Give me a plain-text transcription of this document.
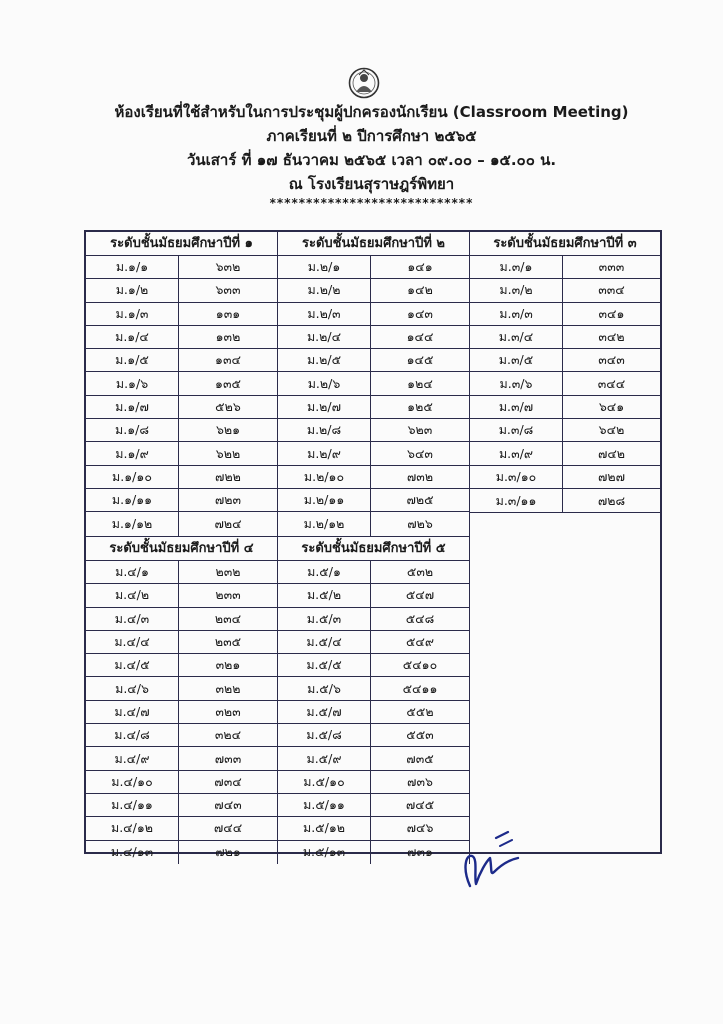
ห้องเรียนที่ใช้สำหรับในการประชุมผู้ปกครองนักเรียน (Classroom Meeting)
ภาคเรียนที่ ๒ ปีการศึกษา ๒๕๖๕
วันเสาร์ ที่ ๑๗ ธันวาคม ๒๕๖๕ เวลา ๐๙.๐๐ – ๑๕.๐๐ น.
ณ โรงเรียนสุราษฎร์พิทยา
****************************
ระดับชั้นมัธยมศึกษาปีที่ ๑
ม.๑/๑	๖๓๒
ม.๑/๒	๖๓๓
ม.๑/๓	๑๓๑
ม.๑/๔	๑๓๒
ม.๑/๕	๑๓๔
ม.๑/๖	๑๓๕
ม.๑/๗	๕๒๖
ม.๑/๘	๖๒๑
ม.๑/๙	๖๒๒
ม.๑/๑๐	๗๒๒
ม.๑/๑๑	๗๒๓
ม.๑/๑๒	๗๒๔
ระดับชั้นมัธยมศึกษาปีที่ ๒
ม.๒/๑	๑๔๑
ม.๒/๒	๑๔๒
ม.๒/๓	๑๔๓
ม.๒/๔	๑๔๔
ม.๒/๕	๑๔๕
ม.๒/๖	๑๒๔
ม.๒/๗	๑๒๕
ม.๒/๘	๖๒๓
ม.๒/๙	๖๔๓
ม.๒/๑๐	๗๓๒
ม.๒/๑๑	๗๒๕
ม.๒/๑๒	๗๒๖
ระดับชั้นมัธยมศึกษาปีที่ ๓
ม.๓/๑	๓๓๓
ม.๓/๒	๓๓๔
ม.๓/๓	๓๔๑
ม.๓/๔	๓๔๒
ม.๓/๕	๓๔๓
ม.๓/๖	๓๔๔
ม.๓/๗	๖๔๑
ม.๓/๘	๖๔๒
ม.๓/๙	๗๔๒
ม.๓/๑๐	๗๒๗
ม.๓/๑๑	๗๒๘
ระดับชั้นมัธยมศึกษาปีที่ ๔
ม.๔/๑	๒๓๒
ม.๔/๒	๒๓๓
ม.๔/๓	๒๓๔
ม.๔/๔	๒๓๕
ม.๔/๕	๓๒๑
ม.๔/๖	๓๒๒
ม.๔/๗	๓๒๓
ม.๔/๘	๓๒๔
ม.๔/๙	๗๓๓
ม.๔/๑๐	๗๓๔
ม.๔/๑๑	๗๔๓
ม.๔/๑๒	๗๔๔
ม.๔/๑๓	๗๒๑
ระดับชั้นมัธยมศึกษาปีที่ ๕
ม.๕/๑	๕๓๒
ม.๕/๒	๕๔๗
ม.๕/๓	๕๔๘
ม.๕/๔	๕๔๙
ม.๕/๕	๕๔๑๐
ม.๕/๖	๕๔๑๑
ม.๕/๗	๕๕๒
ม.๕/๘	๕๕๓
ม.๕/๙	๗๓๕
ม.๕/๑๐	๗๓๖
ม.๕/๑๑	๗๔๕
ม.๕/๑๒	๗๔๖
ม.๕/๑๓	๗๓๑
